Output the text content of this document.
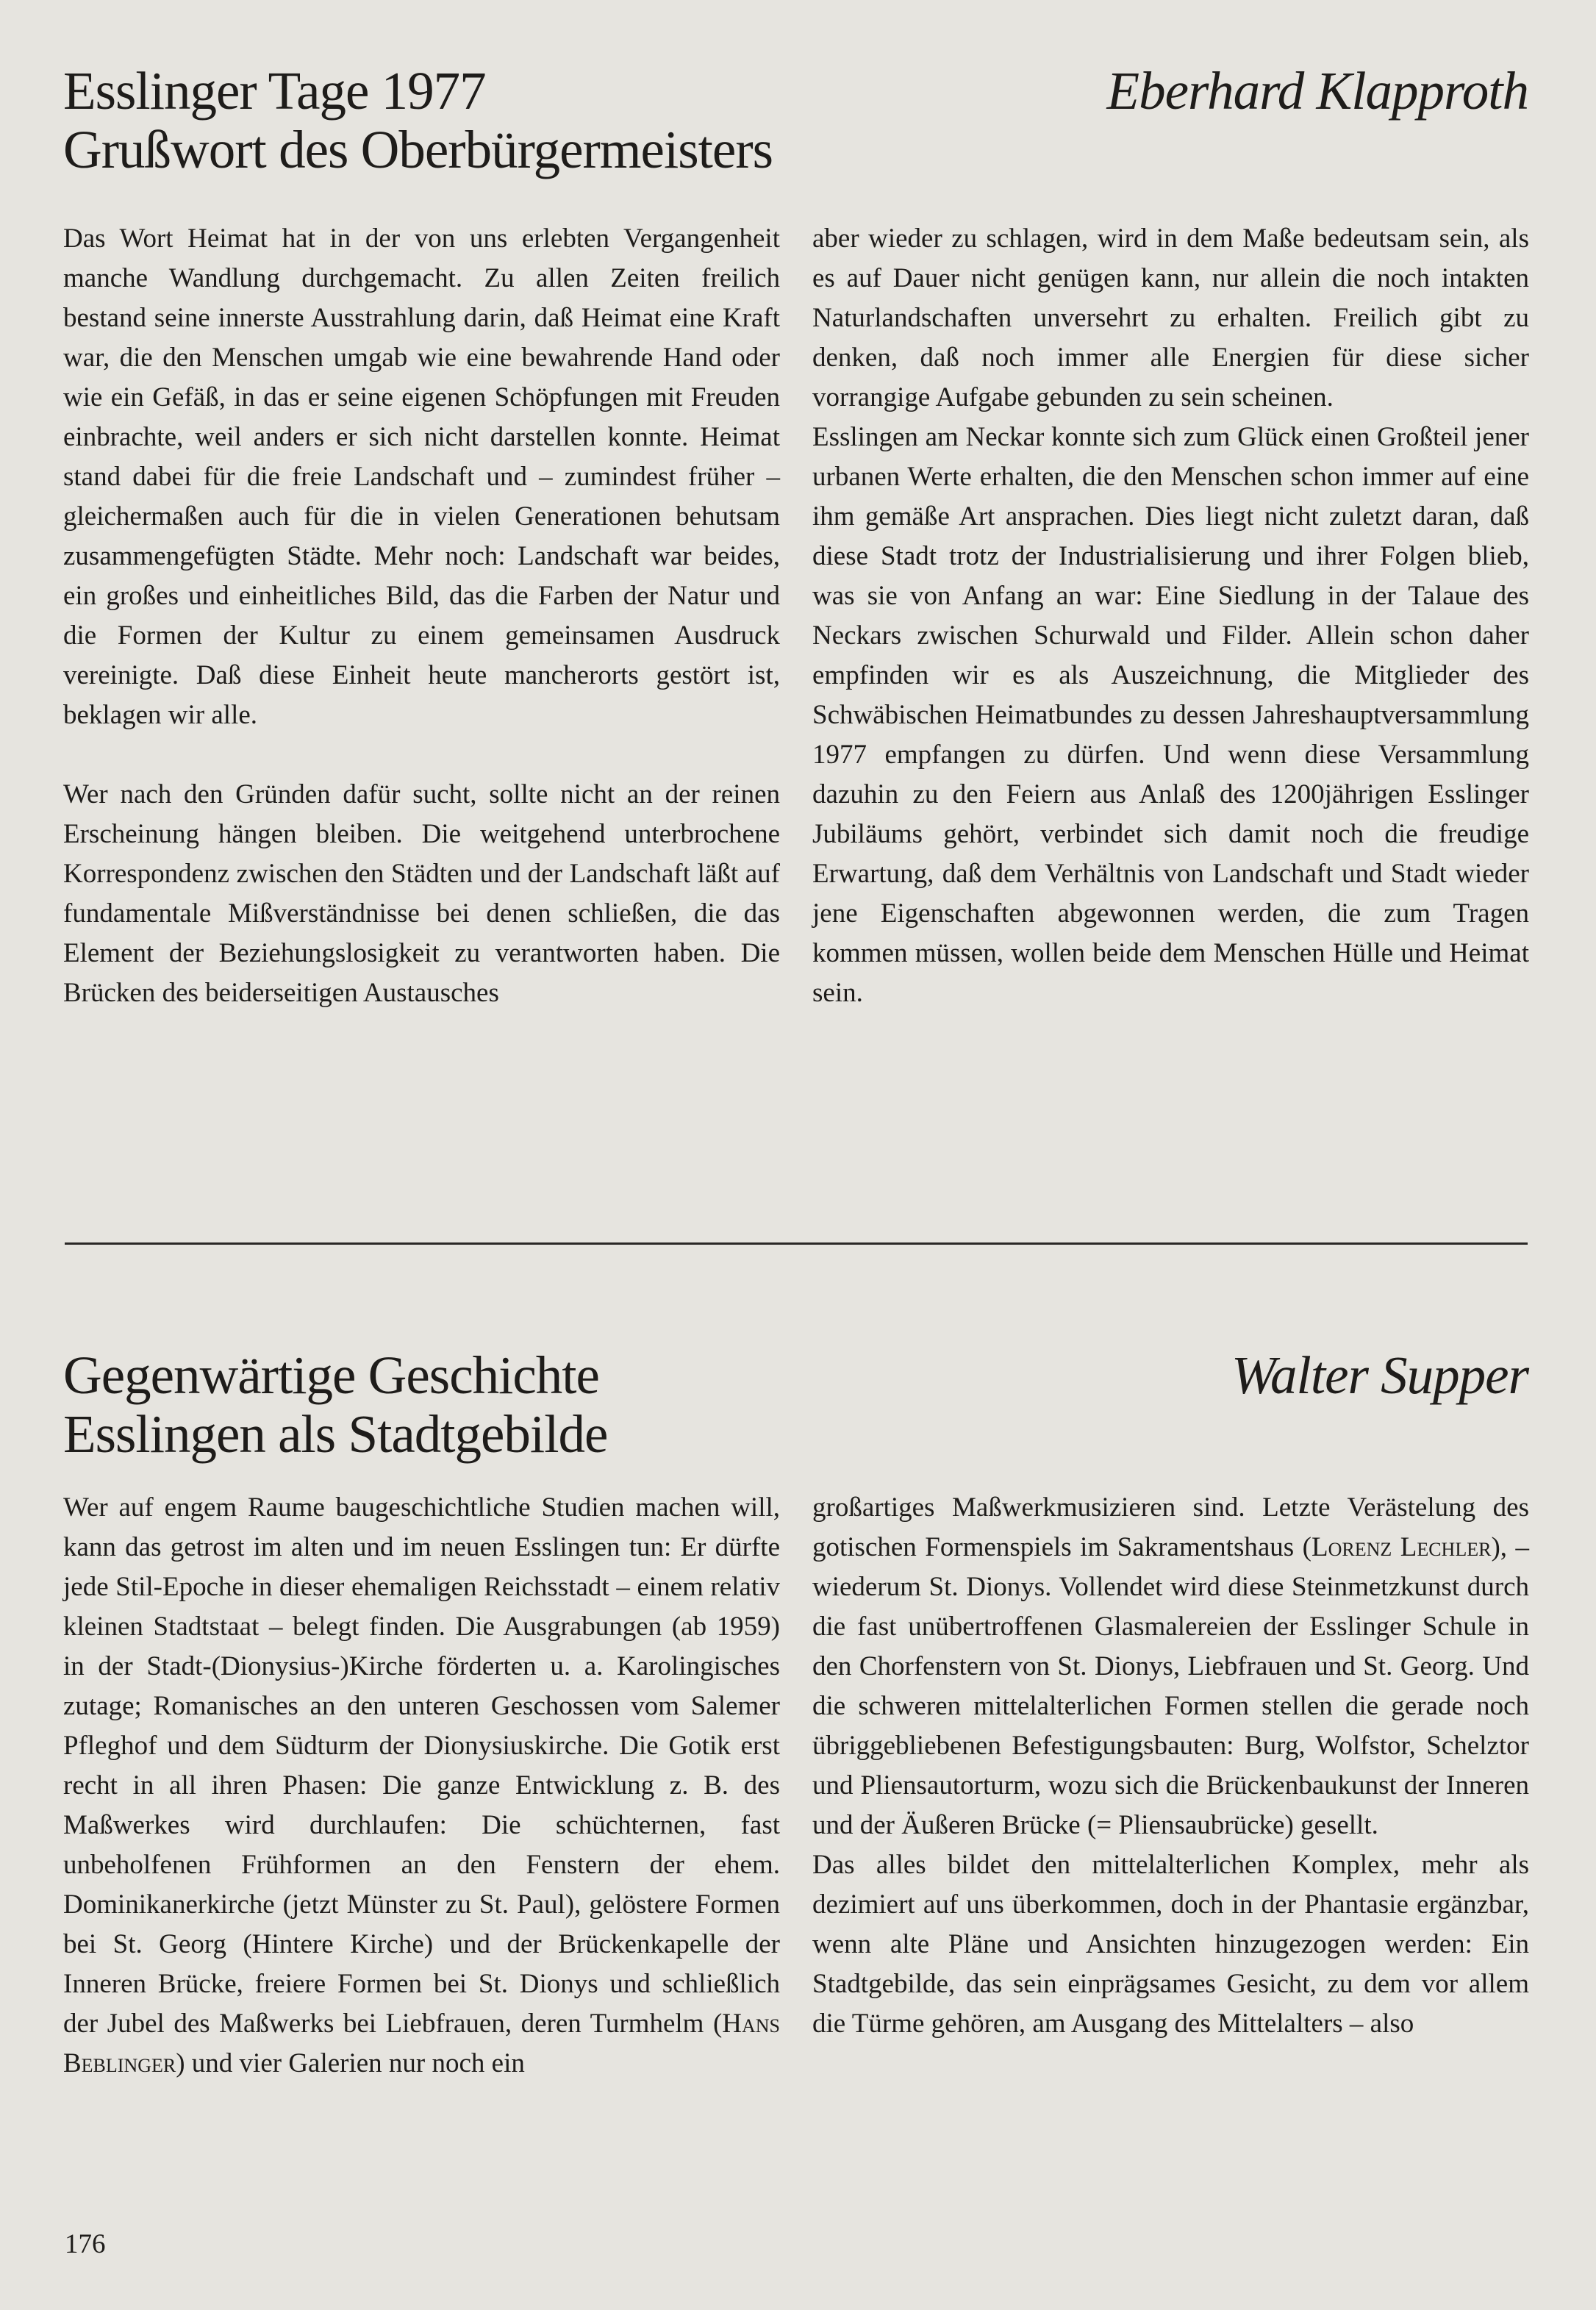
Esslinger Tage 1977
Grußwort des Oberbürgermeisters
Eberhard Klapproth

Das Wort Heimat hat in der von uns erlebten Vergangenheit manche Wandlung durchgemacht. Zu allen Zeiten freilich bestand seine innerste Ausstrahlung darin, daß Heimat eine Kraft war, die den Menschen umgab wie eine bewahrende Hand oder wie ein Gefäß, in das er seine eigenen Schöpfungen mit Freuden einbrachte, weil anders er sich nicht darstellen konnte. Heimat stand dabei für die freie Landschaft und – zumindest früher – gleichermaßen auch für die in vielen Generationen behutsam zusammengefügten Städte. Mehr noch: Landschaft war beides, ein großes und einheitliches Bild, das die Farben der Natur und die Formen der Kultur zu einem gemeinsamen Ausdruck vereinigte. Daß diese Einheit heute mancherorts gestört ist, beklagen wir alle.

Wer nach den Gründen dafür sucht, sollte nicht an der reinen Erscheinung hängen bleiben. Die weitgehend unterbrochene Korrespondenz zwischen den Städten und der Landschaft läßt auf fundamentale Mißverständnisse bei denen schließen, die das Element der Beziehungslosigkeit zu verantworten haben. Die Brücken des beiderseitigen Austausches

aber wieder zu schlagen, wird in dem Maße bedeutsam sein, als es auf Dauer nicht genügen kann, nur allein die noch intakten Naturlandschaften unversehrt zu erhalten. Freilich gibt zu denken, daß noch immer alle Energien für diese sicher vorrangige Aufgabe gebunden zu sein scheinen.

Esslingen am Neckar konnte sich zum Glück einen Großteil jener urbanen Werte erhalten, die den Menschen schon immer auf eine ihm gemäße Art ansprachen. Dies liegt nicht zuletzt daran, daß diese Stadt trotz der Industrialisierung und ihrer Folgen blieb, was sie von Anfang an war: Eine Siedlung in der Talaue des Neckars zwischen Schurwald und Filder. Allein schon daher empfinden wir es als Auszeichnung, die Mitglieder des Schwäbischen Heimatbundes zu dessen Jahreshauptversammlung 1977 empfangen zu dürfen. Und wenn diese Versammlung dazuhin zu den Feiern aus Anlaß des 1200jährigen Esslinger Jubiläums gehört, verbindet sich damit noch die freudige Erwartung, daß dem Verhältnis von Landschaft und Stadt wieder jene Eigenschaften abgewonnen werden, die zum Tragen kommen müssen, wollen beide dem Menschen Hülle und Heimat sein.

Gegenwärtige Geschichte
Esslingen als Stadtgebilde
Walter Supper

Wer auf engem Raume baugeschichtliche Studien machen will, kann das getrost im alten und im neuen Esslingen tun: Er dürfte jede Stil-Epoche in dieser ehemaligen Reichsstadt – einem relativ kleinen Stadtstaat – belegt finden. Die Ausgrabungen (ab 1959) in der Stadt-(Dionysius-)Kirche förderten u. a. Karolingisches zutage; Romanisches an den unteren Geschossen vom Salemer Pfleghof und dem Südturm der Dionysiuskirche. Die Gotik erst recht in all ihren Phasen: Die ganze Entwicklung z. B. des Maßwerkes wird durchlaufen: Die schüchternen, fast unbeholfenen Frühformen an den Fenstern der ehem. Dominikanerkirche (jetzt Münster zu St. Paul), gelöstere Formen bei St. Georg (Hintere Kirche) und der Brückenkapelle der Inneren Brücke, freiere Formen bei St. Dionys und schließlich der Jubel des Maßwerks bei Liebfrauen, deren Turmhelm (Hans Beblinger) und vier Galerien nur noch ein

großartiges Maßwerkmusizieren sind. Letzte Verästelung des gotischen Formenspiels im Sakramentshaus (Lorenz Lechler), – wiederum St. Dionys. Vollendet wird diese Steinmetzkunst durch die fast unübertroffenen Glasmalereien der Esslinger Schule in den Chorfenstern von St. Dionys, Liebfrauen und St. Georg. Und die schweren mittelalterlichen Formen stellen die gerade noch übriggebliebenen Befestigungsbauten: Burg, Wolfstor, Schelztor und Pliensautorturm, wozu sich die Brückenbaukunst der Inneren und der Äußeren Brücke (= Pliensaubrücke) gesellt.

Das alles bildet den mittelalterlichen Komplex, mehr als dezimiert auf uns überkommen, doch in der Phantasie ergänzbar, wenn alte Pläne und Ansichten hinzugezogen werden: Ein Stadtgebilde, das sein einprägsames Gesicht, zu dem vor allem die Türme gehören, am Ausgang des Mittelalters – also

176
